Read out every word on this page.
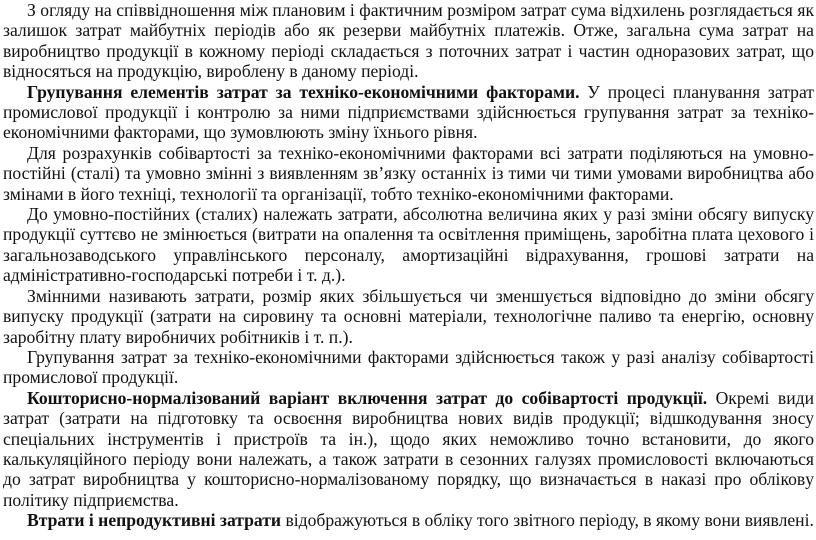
З огляду на співвідношення між плановим і фактичним розміром затрат сума відхилень розглядається як залишок затрат майбутніх періодів або як резерви майбутніх платежів. Отже, загальна сума затрат на виробництво продукції в кожному періоді складається з поточних затрат і частин одноразових затрат, що відносяться на продукцію, вироблену в даному періоді.

Групування елементів затрат за техніко-економічними факторами. У процесі планування затрат промислової продукції і контролю за ними підприємствами здійснюється групування затрат за техніко-економічними факторами, що зумовлюють зміну їхнього рівня.

Для розрахунків собівартості за техніко-економічними факторами всі затрати поділяються на умовно-постійні (сталі) та умовно змінні з виявленням зв’язку останніх із тими чи тими умовами виробництва або змінами в його техніці, технології та організації, тобто техніко-економічними факторами.

До умовно-постійних (сталих) належать затрати, абсолютна величина яких у разі зміни обсягу випуску продукції суттєво не змінюється (витрати на опалення та освітлення приміщень, заробітна плата цехового і загальнозаводського управлінського персоналу, амортизаційні відрахування, грошові затрати на адміністративно-господарські потреби і т. д.).

Змінними називають затрати, розмір яких збільшується чи зменшується відповідно до зміни обсягу випуску продукції (затрати на сировину та основні матеріали, технологічне паливо та енергію, основну заробітну плату виробничих робітників і т. п.).

Групування затрат за техніко-економічними факторами здійснюється також у разі аналізу собівартості промислової продукції.

Кошторисно-нормалізований варіант включення затрат до собівартості продукції. Окремі види затрат (затрати на підготовку та освоєння виробництва нових видів продукції; відшкодування зносу спеціальних інструментів і пристроїв та ін.), щодо яких неможливо точно встановити, до якого калькуляційного періоду вони належать, а також затрати в сезонних галузях промисловості включаються до затрат виробництва у кошторисно-нормалізованому порядку, що визначається в наказі про обліковy політику підприємства.

Втрати і непродуктивні затрати відображуються в обліку того звітного періоду, в якому вони виявлені.
